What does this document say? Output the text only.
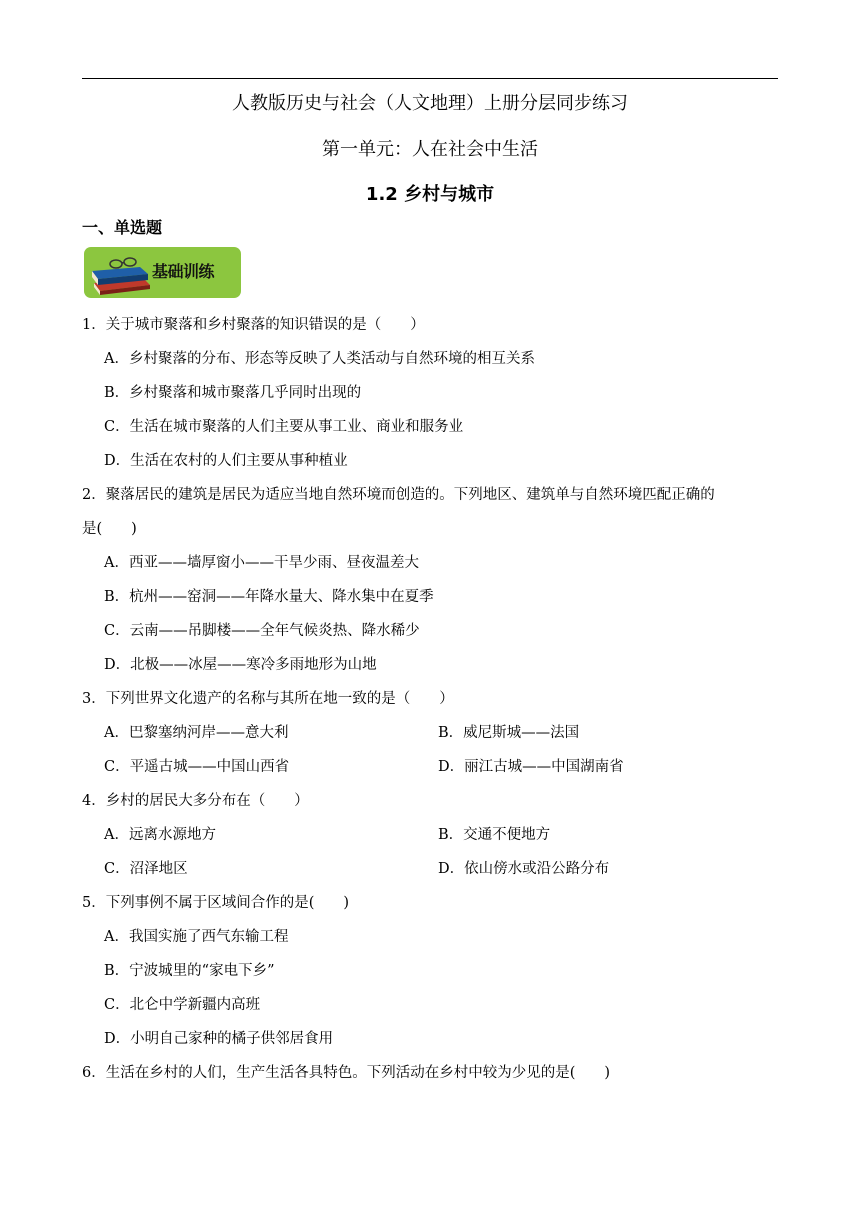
人教版历史与社会（人文地理）上册分层同步练习
第一单元：人在社会中生活
1.2 乡村与城市
一、单选题
基础训练
1．关于城市聚落和乡村聚落的知识错误的是（　　）
A．乡村聚落的分布、形态等反映了人类活动与自然环境的相互关系
B．乡村聚落和城市聚落几乎同时出现的
C．生活在城市聚落的人们主要从事工业、商业和服务业
D．生活在农村的人们主要从事种植业
2．聚落居民的建筑是居民为适应当地自然环境而创造的。下列地区、建筑单与自然环境匹配正确的
是(　　)
A．西亚——墙厚窗小——干旱少雨、昼夜温差大
B．杭州——窑洞——年降水量大、降水集中在夏季
C．云南——吊脚楼——全年气候炎热、降水稀少
D．北极——冰屋——寒冷多雨地形为山地
3．下列世界文化遗产的名称与其所在地一致的是（　　）
A．巴黎塞纳河岸——意大利	B．威尼斯城——法国
C．平遥古城——中国山西省	D．丽江古城——中国湖南省
4．乡村的居民大多分布在（　　）
A．远离水源地方	B．交通不便地方
C．沼泽地区	D．依山傍水或沿公路分布
5．下列事例不属于区域间合作的是(　　)
A．我国实施了西气东输工程
B．宁波城里的“家电下乡”
C．北仑中学新疆内高班
D．小明自己家种的橘子供邻居食用
6．生活在乡村的人们，生产生活各具特色。下列活动在乡村中较为少见的是(　　)
